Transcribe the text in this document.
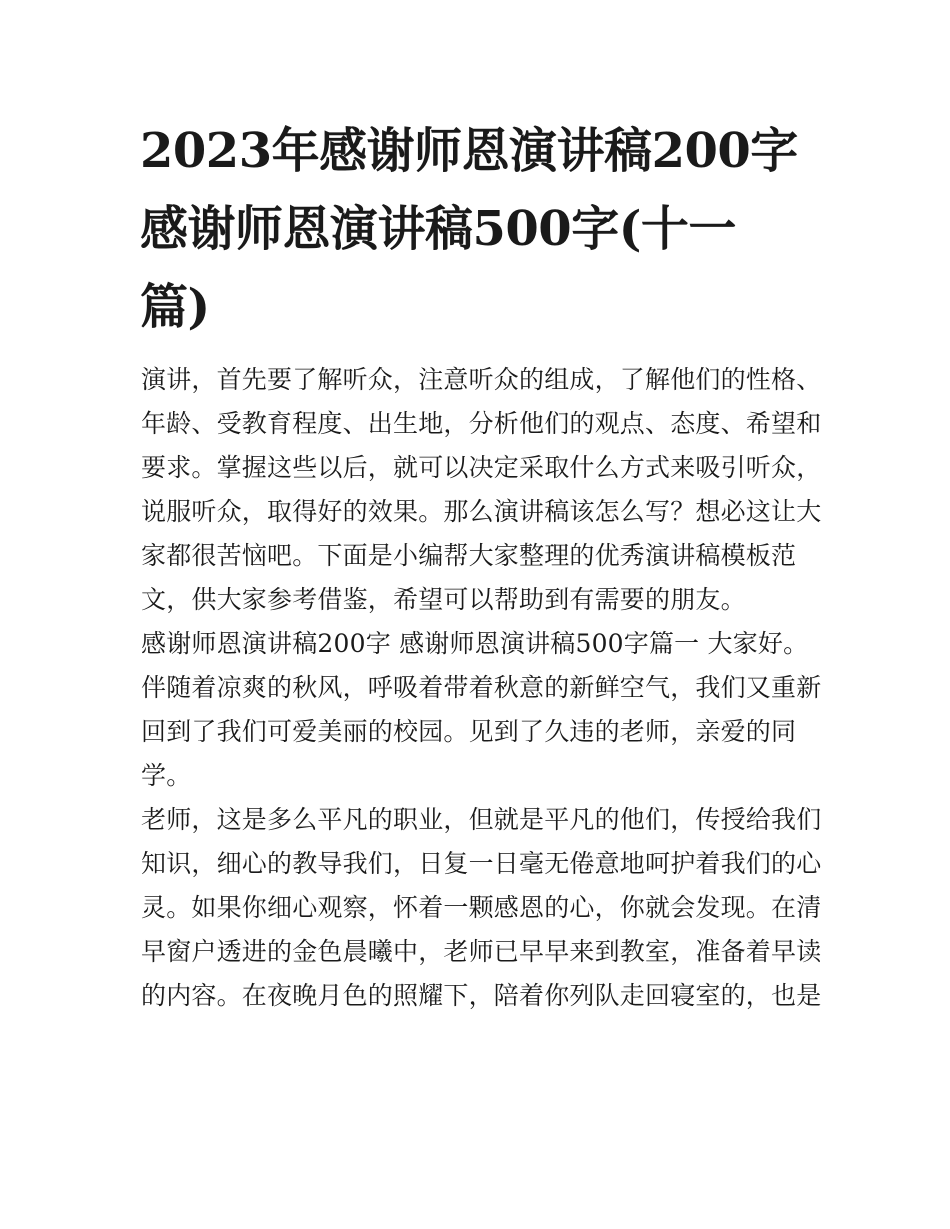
2023年感谢师恩演讲稿200字
感谢师恩演讲稿500字(十一
篇)
演讲，首先要了解听众，注意听众的组成，了解他们的性格、
年龄、受教育程度、出生地，分析他们的观点、态度、希望和
要求。掌握这些以后，就可以决定采取什么方式来吸引听众，
说服听众，取得好的效果。那么演讲稿该怎么写？想必这让大
家都很苦恼吧。下面是小编帮大家整理的优秀演讲稿模板范
文，供大家参考借鉴，希望可以帮助到有需要的朋友。
感谢师恩演讲稿200字 感谢师恩演讲稿500字篇一 大家好。
伴随着凉爽的秋风，呼吸着带着秋意的新鲜空气，我们又重新
回到了我们可爱美丽的校园。见到了久违的老师，亲爱的同
学。
老师，这是多么平凡的职业，但就是平凡的他们，传授给我们
知识，细心的教导我们，日复一日毫无倦意地呵护着我们的心
灵。如果你细心观察，怀着一颗感恩的心，你就会发现。在清
早窗户透进的金色晨曦中，老师已早早来到教室，准备着早读
的内容。在夜晚月色的照耀下，陪着你列队走回寝室的，也是
